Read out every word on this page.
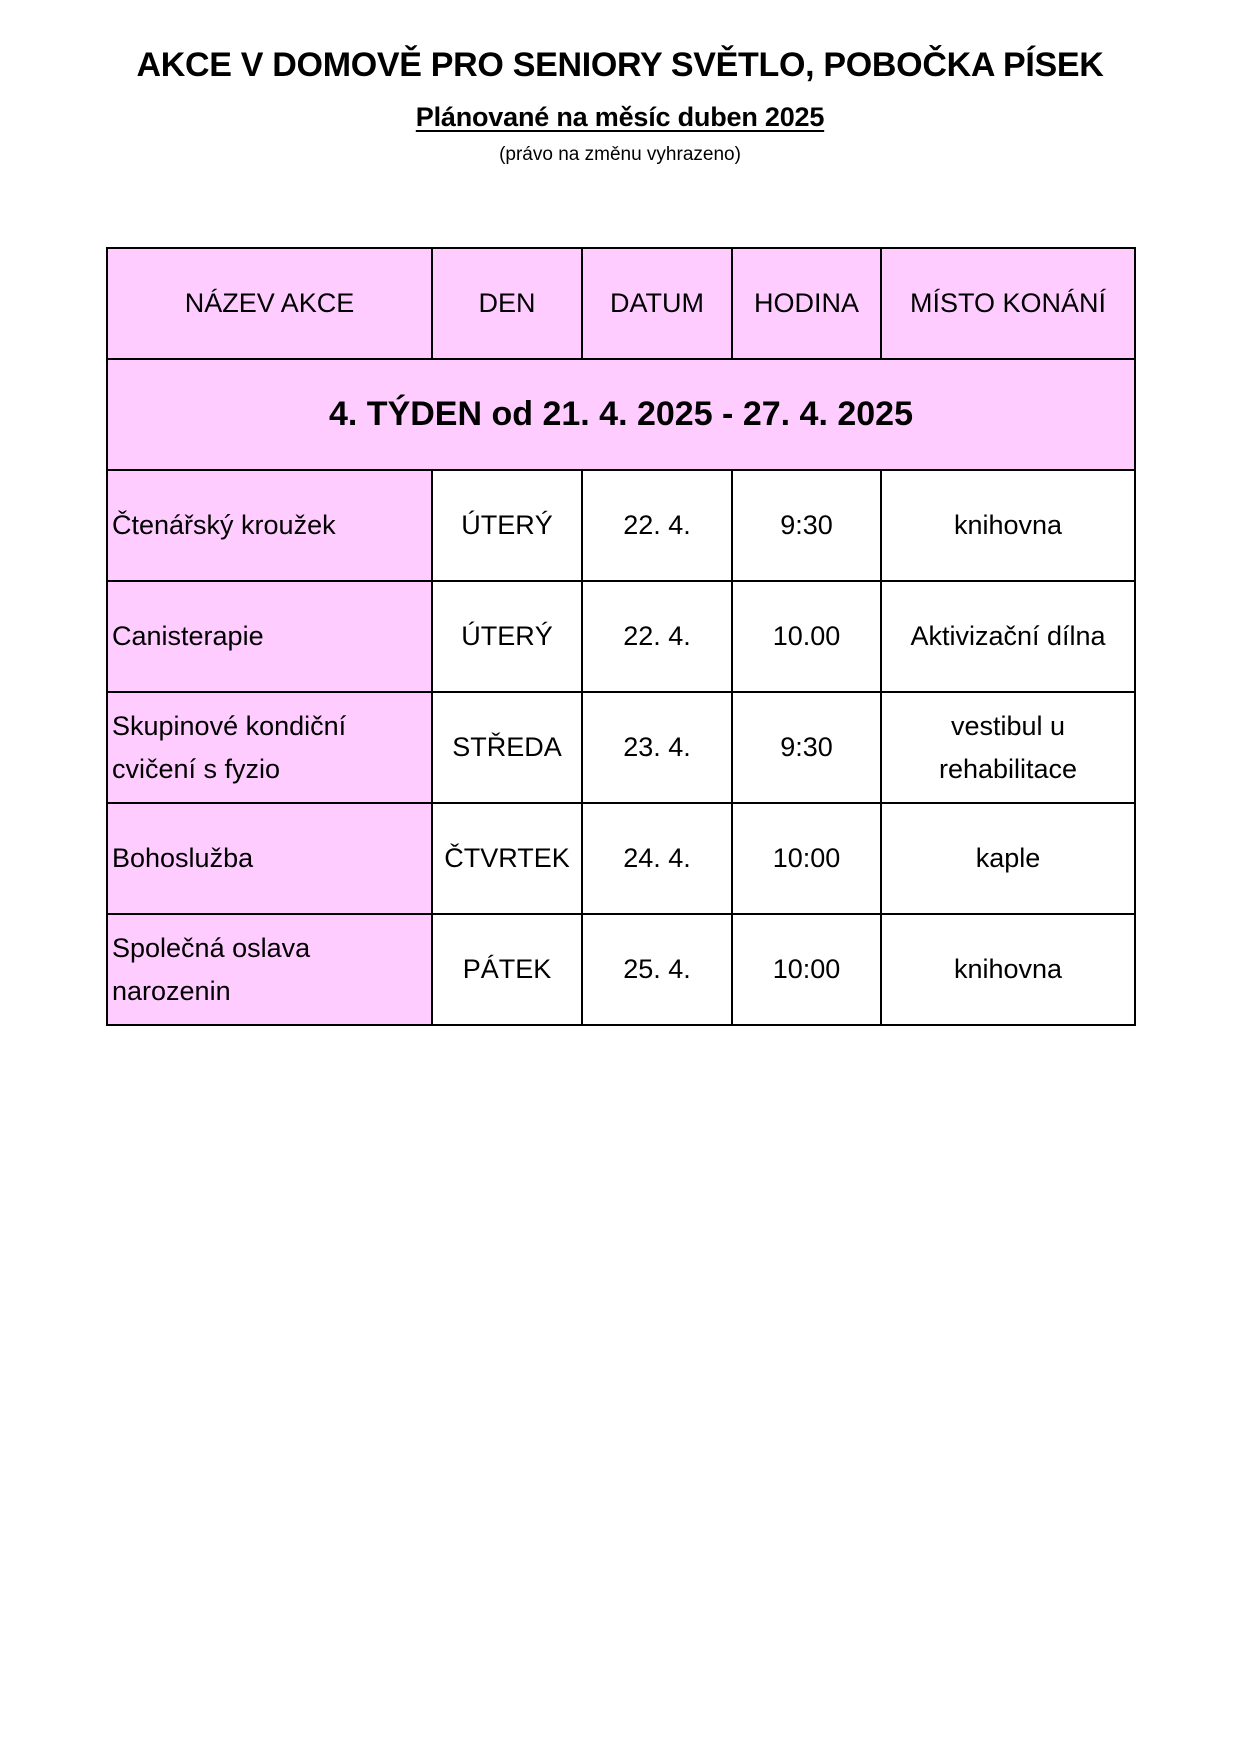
AKCE V DOMOVĚ PRO SENIORY SVĚTLO, POBOČKA PÍSEK
Plánované na měsíc duben 2025
(právo na změnu vyhrazeno)
NÁZEV AKCE	DEN	DATUM	HODINA	MÍSTO KONÁNÍ
4. TÝDEN od 21. 4. 2025 - 27. 4. 2025				
Čtenářský kroužek	ÚTERÝ	22. 4.	9:30	knihovna
Canisterapie	ÚTERÝ	22. 4.	10.00	Aktivizační dílna
Skupinové kondiční cvičení s fyzio	STŘEDA	23. 4.	9:30	vestibul u rehabilitace
Bohoslužba	ČTVRTEK	24. 4.	10:00	kaple
Společná oslava narozenin	PÁTEK	25. 4.	10:00	knihovna
